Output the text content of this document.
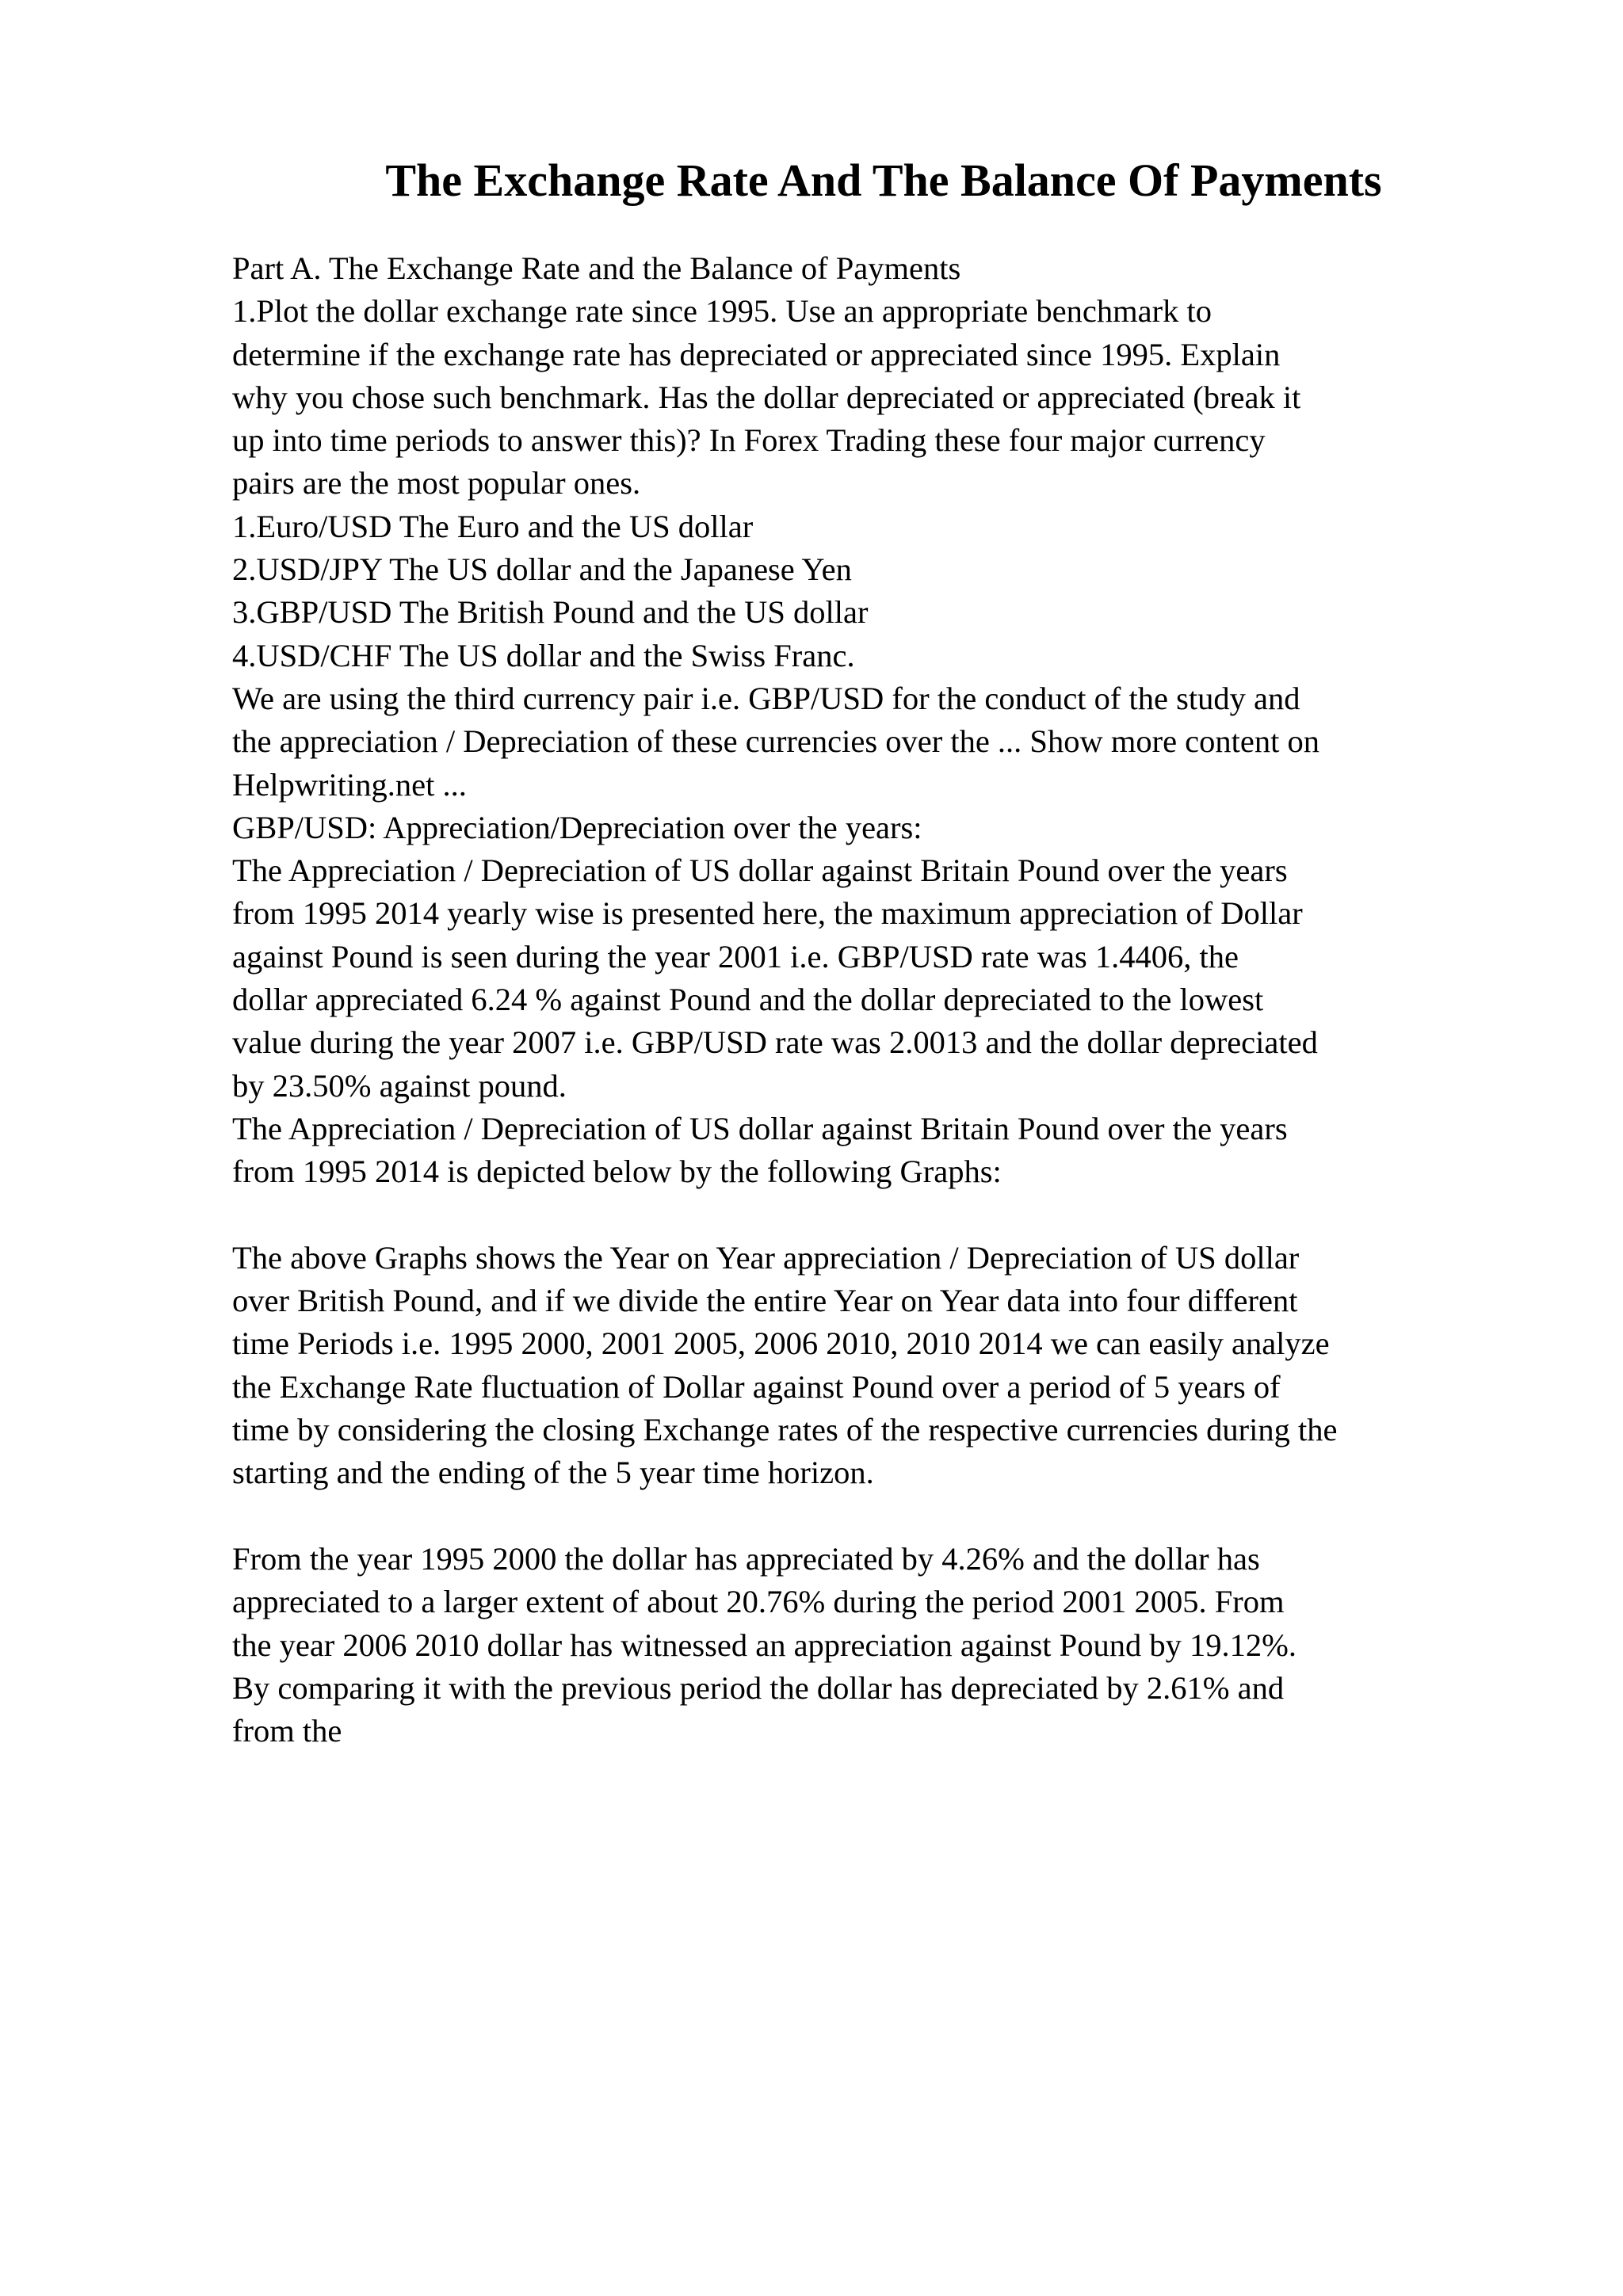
The Exchange Rate And The Balance Of Payments
Part A. The Exchange Rate and the Balance of Payments
1.Plot the dollar exchange rate since 1995. Use an appropriate benchmark to
determine if the exchange rate has depreciated or appreciated since 1995. Explain
why you chose such benchmark. Has the dollar depreciated or appreciated (break it
up into time periods to answer this)? In Forex Trading these four major currency
pairs are the most popular ones.
1.Euro/USD The Euro and the US dollar
2.USD/JPY The US dollar and the Japanese Yen
3.GBP/USD The British Pound and the US dollar
4.USD/CHF The US dollar and the Swiss Franc.
We are using the third currency pair i.e. GBP/USD for the conduct of the study and
the appreciation / Depreciation of these currencies over the ... Show more content on
Helpwriting.net ...
GBP/USD: Appreciation/Depreciation over the years:
The Appreciation / Depreciation of US dollar against Britain Pound over the years
from 1995 2014 yearly wise is presented here, the maximum appreciation of Dollar
against Pound is seen during the year 2001 i.e. GBP/USD rate was 1.4406, the
dollar appreciated 6.24 % against Pound and the dollar depreciated to the lowest
value during the year 2007 i.e. GBP/USD rate was 2.0013 and the dollar depreciated
by 23.50% against pound.
The Appreciation / Depreciation of US dollar against Britain Pound over the years
from 1995 2014 is depicted below by the following Graphs:
The above Graphs shows the Year on Year appreciation / Depreciation of US dollar
over British Pound, and if we divide the entire Year on Year data into four different
time Periods i.e. 1995 2000, 2001 2005, 2006 2010, 2010 2014 we can easily analyze
the Exchange Rate fluctuation of Dollar against Pound over a period of 5 years of
time by considering the closing Exchange rates of the respective currencies during the
starting and the ending of the 5 year time horizon.
From the year 1995 2000 the dollar has appreciated by 4.26% and the dollar has
appreciated to a larger extent of about 20.76% during the period 2001 2005. From
the year 2006 2010 dollar has witnessed an appreciation against Pound by 19.12%.
By comparing it with the previous period the dollar has depreciated by 2.61% and
from the
